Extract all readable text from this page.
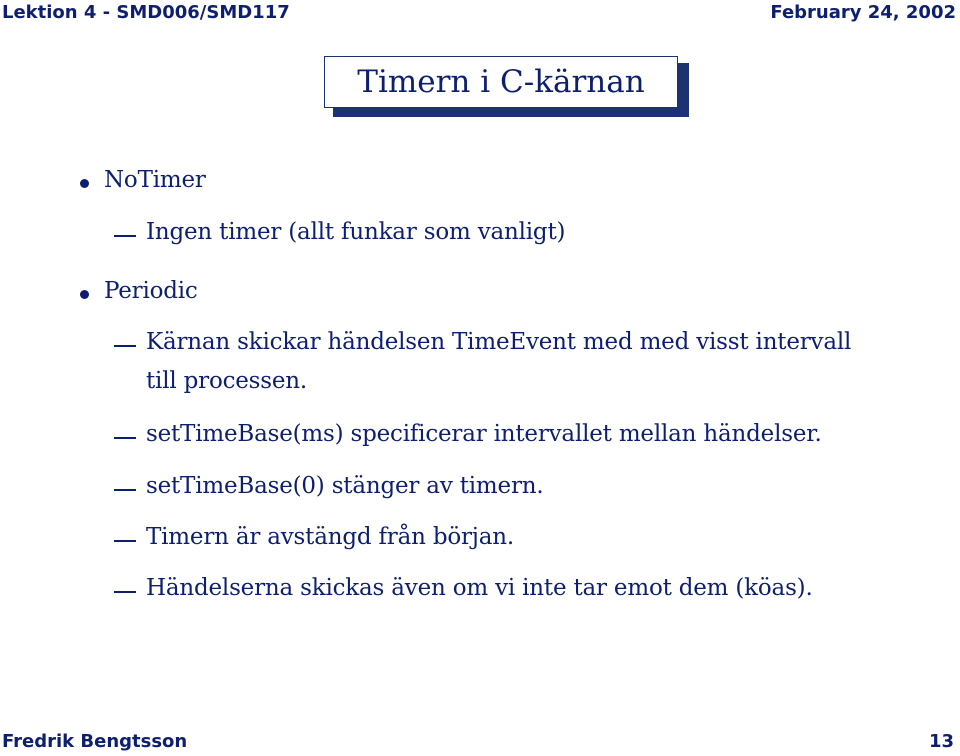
Lektion 4 - SMD006/SMD117	February 24, 2002
Timern i C-kärnan
NoTimer
Ingen timer (allt funkar som vanligt)
Periodic
Kärnan skickar händelsen TimeEvent med med visst intervall
till processen.
setTimeBase(ms) specificerar intervallet mellan händelser.
setTimeBase(0) stänger av timern.
Timern är avstängd från början.
Händelserna skickas även om vi inte tar emot dem (köas).
Fredrik Bengtsson	13
